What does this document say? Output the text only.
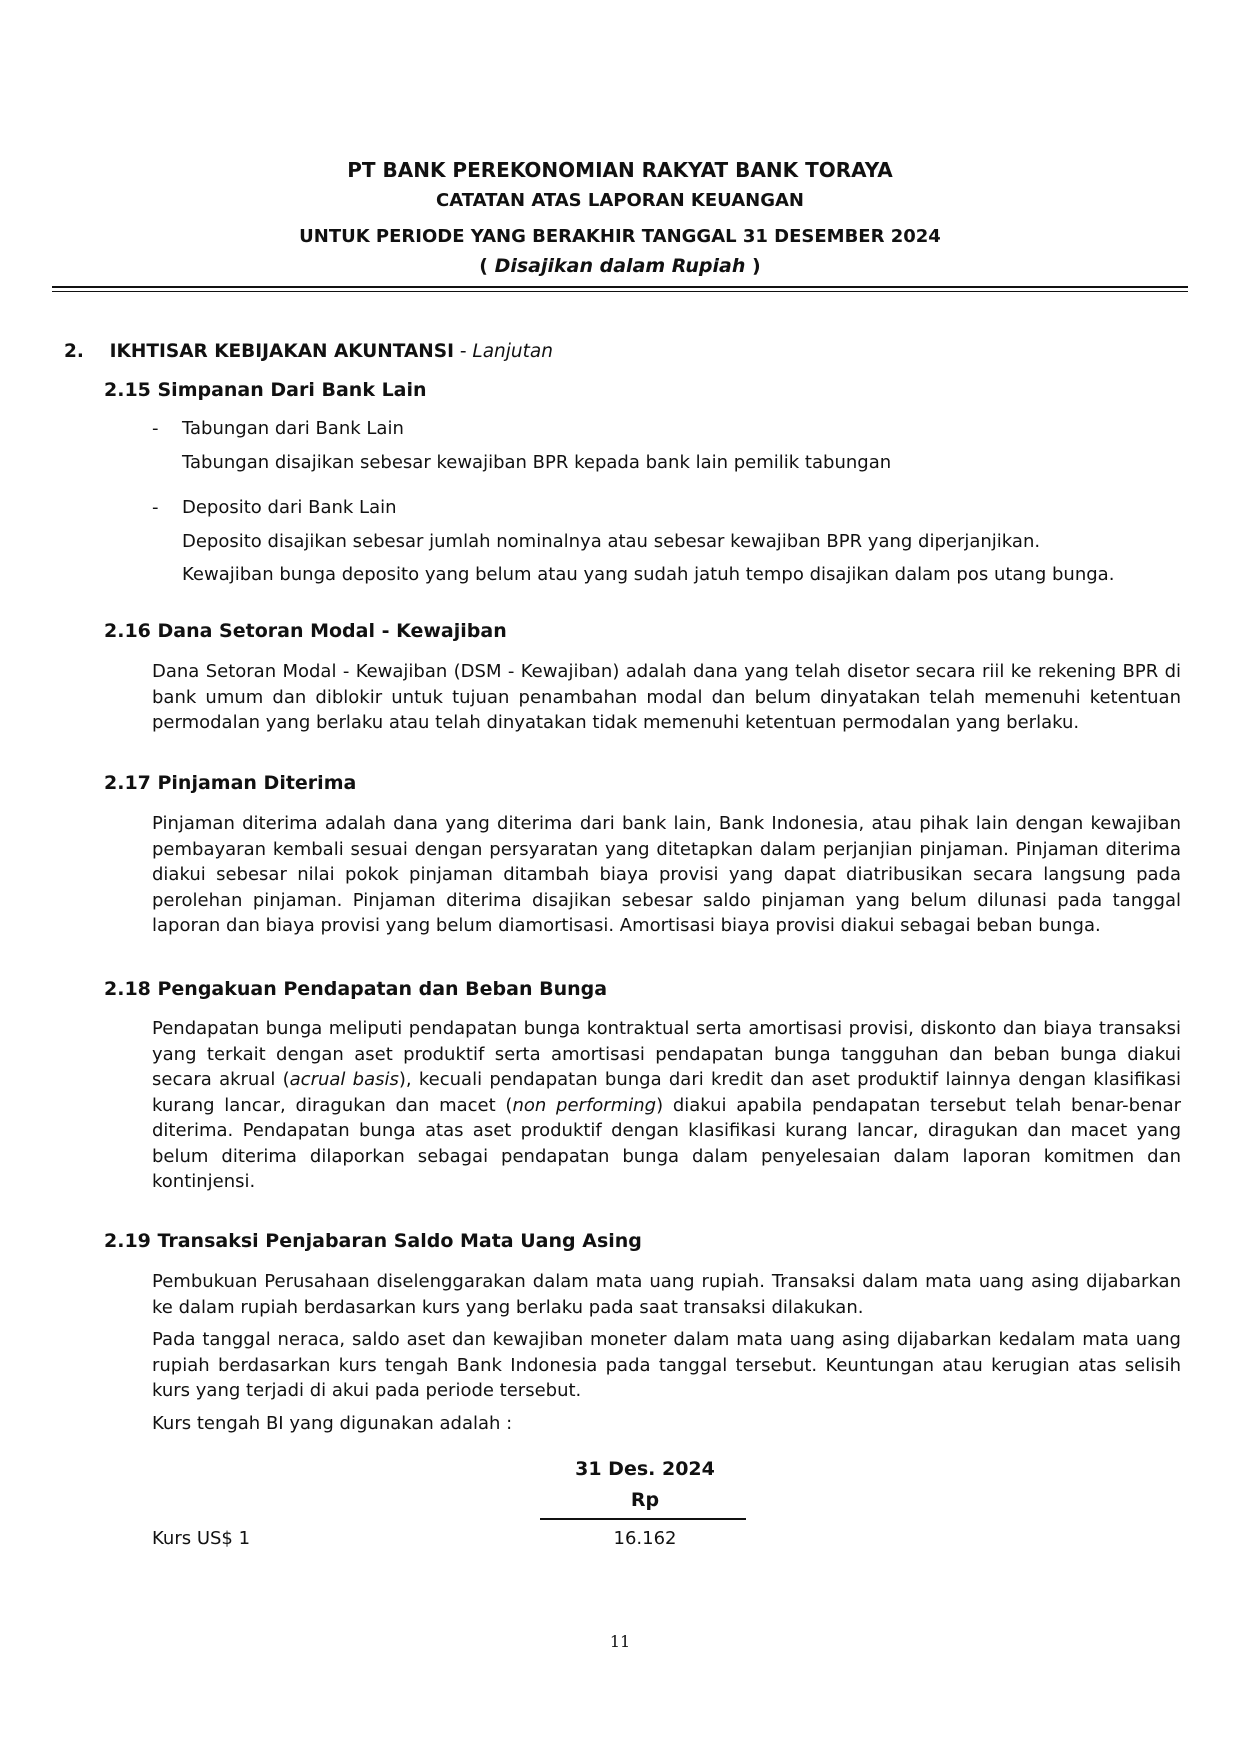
PT BANK PEREKONOMIAN RAKYAT BANK TORAYA
CATATAN ATAS LAPORAN KEUANGAN
UNTUK PERIODE YANG BERAKHIR TANGGAL 31 DESEMBER 2024
( Disajikan dalam Rupiah )
2. IKHTISAR KEBIJAKAN AKUNTANSI - Lanjutan
2.15 Simpanan Dari Bank Lain
- Tabungan dari Bank Lain
Tabungan disajikan sebesar kewajiban BPR kepada bank lain pemilik tabungan
- Deposito dari Bank Lain
Deposito disajikan sebesar jumlah nominalnya atau sebesar kewajiban BPR yang diperjanjikan.
Kewajiban bunga deposito yang belum atau yang sudah jatuh tempo disajikan dalam pos utang bunga.
2.16 Dana Setoran Modal - Kewajiban
Dana Setoran Modal - Kewajiban (DSM - Kewajiban) adalah dana yang telah disetor secara riil ke rekening BPR di bank umum dan diblokir untuk tujuan penambahan modal dan belum dinyatakan telah memenuhi ketentuan permodalan yang berlaku atau telah dinyatakan tidak memenuhi ketentuan permodalan yang berlaku.
2.17 Pinjaman Diterima
Pinjaman diterima adalah dana yang diterima dari bank lain, Bank Indonesia, atau pihak lain dengan kewajiban pembayaran kembali sesuai dengan persyaratan yang ditetapkan dalam perjanjian pinjaman. Pinjaman diterima diakui sebesar nilai pokok pinjaman ditambah biaya provisi yang dapat diatribusikan secara langsung pada perolehan pinjaman. Pinjaman diterima disajikan sebesar saldo pinjaman yang belum dilunasi pada tanggal laporan dan biaya provisi yang belum diamortisasi. Amortisasi biaya provisi diakui sebagai beban bunga.
2.18 Pengakuan Pendapatan dan Beban Bunga
Pendapatan bunga meliputi pendapatan bunga kontraktual serta amortisasi provisi, diskonto dan biaya transaksi yang terkait dengan aset produktif serta amortisasi pendapatan bunga tangguhan dan beban bunga diakui secara akrual (acrual basis), kecuali pendapatan bunga dari kredit dan aset produktif lainnya dengan klasifikasi kurang lancar, diragukan dan macet (non performing) diakui apabila pendapatan tersebut telah benar-benar diterima. Pendapatan bunga atas aset produktif dengan klasifikasi kurang lancar, diragukan dan macet yang belum diterima dilaporkan sebagai pendapatan bunga dalam penyelesaian dalam laporan komitmen dan kontinjensi.
2.19 Transaksi Penjabaran Saldo Mata Uang Asing
Pembukuan Perusahaan diselenggarakan dalam mata uang rupiah. Transaksi dalam mata uang asing dijabarkan ke dalam rupiah berdasarkan kurs yang berlaku pada saat transaksi dilakukan.
Pada tanggal neraca, saldo aset dan kewajiban moneter dalam mata uang asing dijabarkan kedalam mata uang rupiah berdasarkan kurs tengah Bank Indonesia pada tanggal tersebut. Keuntungan atau kerugian atas selisih kurs yang terjadi di akui pada periode tersebut.
Kurs tengah BI yang digunakan adalah :
31 Des. 2024
Rp
Kurs US$ 1	16.162
11
